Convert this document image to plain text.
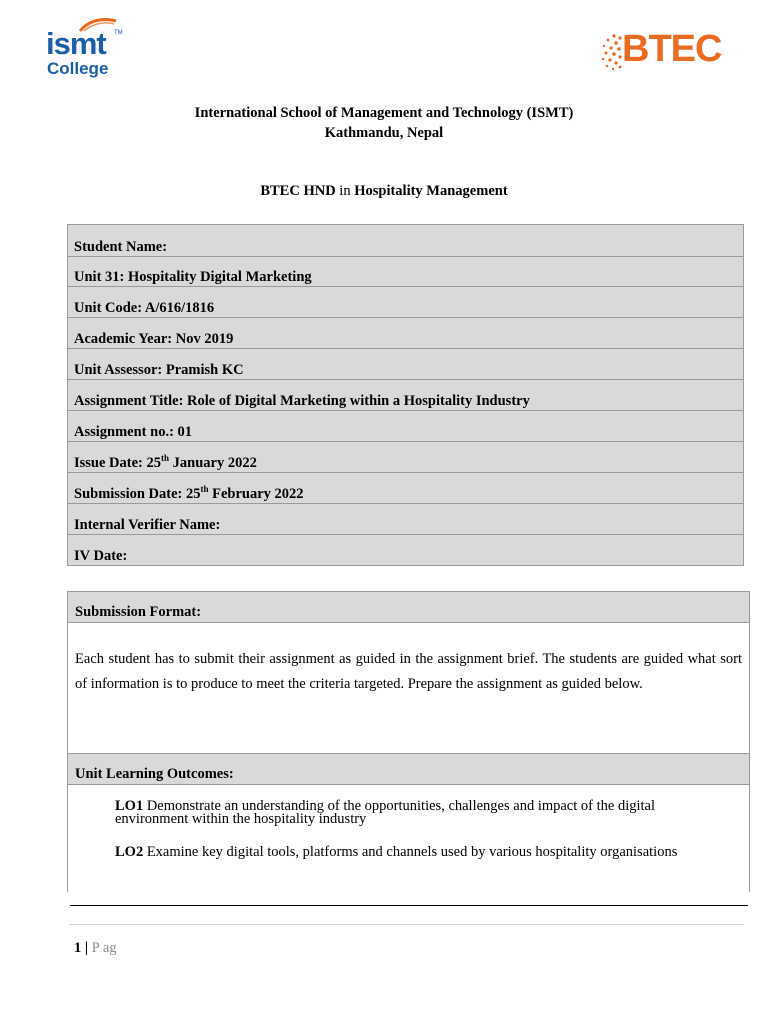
ismt TM
College	BTEC
International School of Management and Technology (ISMT)
Kathmandu, Nepal
BTEC HND in Hospitality Management
Student Name:
Unit 31: Hospitality Digital Marketing
Unit Code: A/616/1816
Academic Year: Nov 2019
Unit Assessor: Pramish KC
Assignment Title: Role of Digital Marketing within a Hospitality Industry
Assignment no.: 01
Issue Date: 25th January 2022
Submission Date: 25th February 2022
Internal Verifier Name:
IV Date:
Submission Format:
Each student has to submit their assignment as guided in the assignment brief. The students are guided what sort of information is to produce to meet the criteria targeted. Prepare the assignment as guided below.
Unit Learning Outcomes:
LO1 Demonstrate an understanding of the opportunities, challenges and impact of the digital environment within the hospitality industry
LO2 Examine key digital tools, platforms and channels used by various hospitality organisations
1 | P ag
